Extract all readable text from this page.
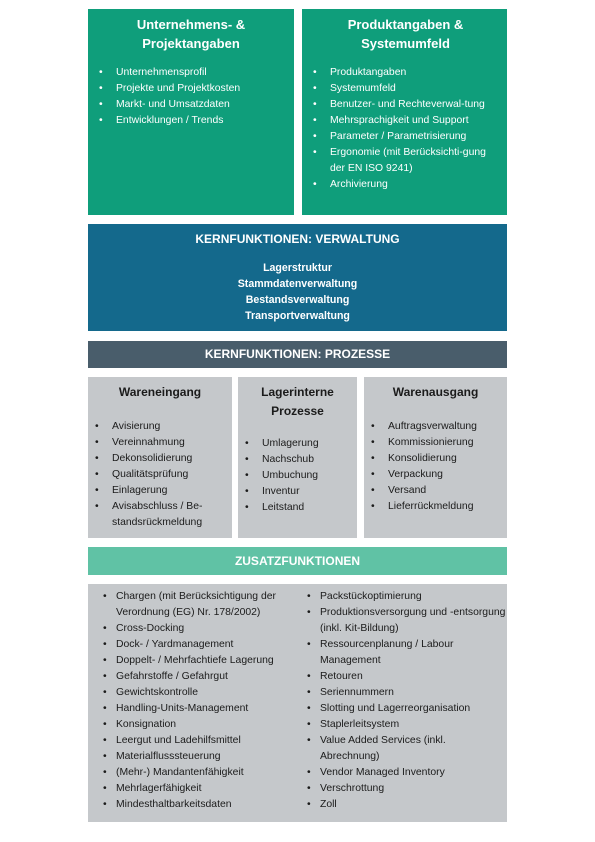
Unternehmens- &
Projektangaben
• Unternehmensprofil
• Projekte und Projektkosten
• Markt- und Umsatzdaten
• Entwicklungen / Trends
Produktangaben &
Systemumfeld
• Produktangaben
• Systemumfeld
• Benutzer- und Rechteverwal-tung
• Mehrsprachigkeit und Support
• Parameter / Parametrisierung
• Ergonomie (mit Berücksichti-gung der EN ISO 9241)
• Archivierung
KERNFUNKTIONEN: VERWALTUNG
Lagerstruktur
Stammdatenverwaltung
Bestandsverwaltung
Transportverwaltung
KERNFUNKTIONEN: PROZESSE
Wareneingang
• Avisierung
• Vereinnahmung
• Dekonsolidierung
• Qualitätsprüfung
• Einlagerung
• Avisabschluss / Be-standsrückmeldung
Lagerinterne
Prozesse
• Umlagerung
• Nachschub
• Umbuchung
• Inventur
• Leitstand
Warenausgang
• Auftragsverwaltung
• Kommissionierung
• Konsolidierung
• Verpackung
• Versand
• Lieferrückmeldung
ZUSATZFUNKTIONEN
• Chargen (mit Berücksichtigung der Verordnung (EG) Nr. 178/2002)
• Cross-Docking
• Dock- / Yardmanagement
• Doppelt- / Mehrfachtiefe Lagerung
• Gefahrstoffe / Gefahrgut
• Gewichtskontrolle
• Handling-Units-Management
• Konsignation
• Leergut und Ladehilfsmittel
• Materialflusssteuerung
• (Mehr-) Mandantenfähigkeit
• Mehrlagerfähigkeit
• Mindesthaltbarkeitsdaten
• Packstückoptimierung
• Produktionsversorgung und -entsorgung (inkl. Kit-Bildung)
• Ressourcenplanung / Labour Management
• Retouren
• Seriennummern
• Slotting und Lagerreorganisation
• Staplerleitsystem
• Value Added Services (inkl. Abrechnung)
• Vendor Managed Inventory
• Verschrottung
• Zoll
